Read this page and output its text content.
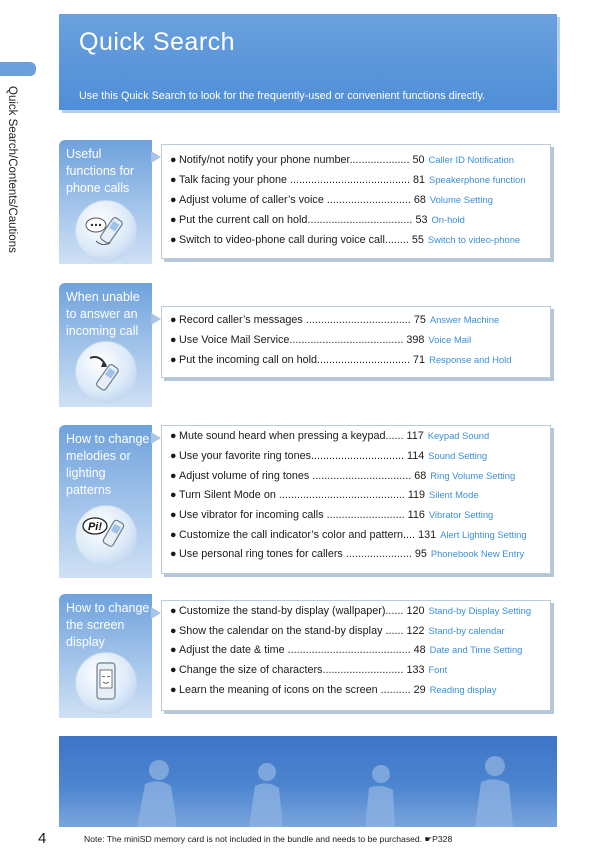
Quick Search/Contents/Cautions
Quick Search
Use this Quick Search to look for the frequently-used or convenient functions directly.
Useful
functions for
phone calls
● Notify/not notify your phone number.................... 50 Caller ID Notification
● Talk facing your phone ........................................ 81 Speakerphone function
● Adjust volume of caller’s voice ............................ 68 Volume Setting
● Put the current call on hold................................... 53 On-hold
● Switch to video-phone call during voice call........ 55 Switch to video-phone
When unable
to answer an
incoming call
● Record caller’s messages ................................... 75 Answer Machine
● Use Voice Mail Service...................................... 398 Voice Mail
● Put the incoming call on hold............................... 71 Response and Hold
How to change
melodies or
lighting
patterns
Pi!
● Mute sound heard when pressing a keypad...... 117 Keypad Sound
● Use your favorite ring tones............................... 114 Sound Setting
● Adjust volume of ring tones ................................. 68 Ring Volume Setting
● Turn Silent Mode on .......................................... 119 Silent Mode
● Use vibrator for incoming calls .......................... 116 Vibrator Setting
● Customize the call indicator’s color and pattern.... 131 Alert Lighting Setting
● Use personal ring tones for callers ...................... 95 Phonebook New Entry
How to change
the screen
display
● Customize the stand-by display (wallpaper)...... 120 Stand-by Display Setting
● Show the calendar on the stand-by display ...... 122 Stand-by calendar
● Adjust the date & time ......................................... 48 Date and Time Setting
● Change the size of characters........................... 133 Font
● Learn the meaning of icons on the screen .......... 29 Reading display
4	Note: The miniSD memory card is not included in the bundle and needs to be purchased. ☛P328
